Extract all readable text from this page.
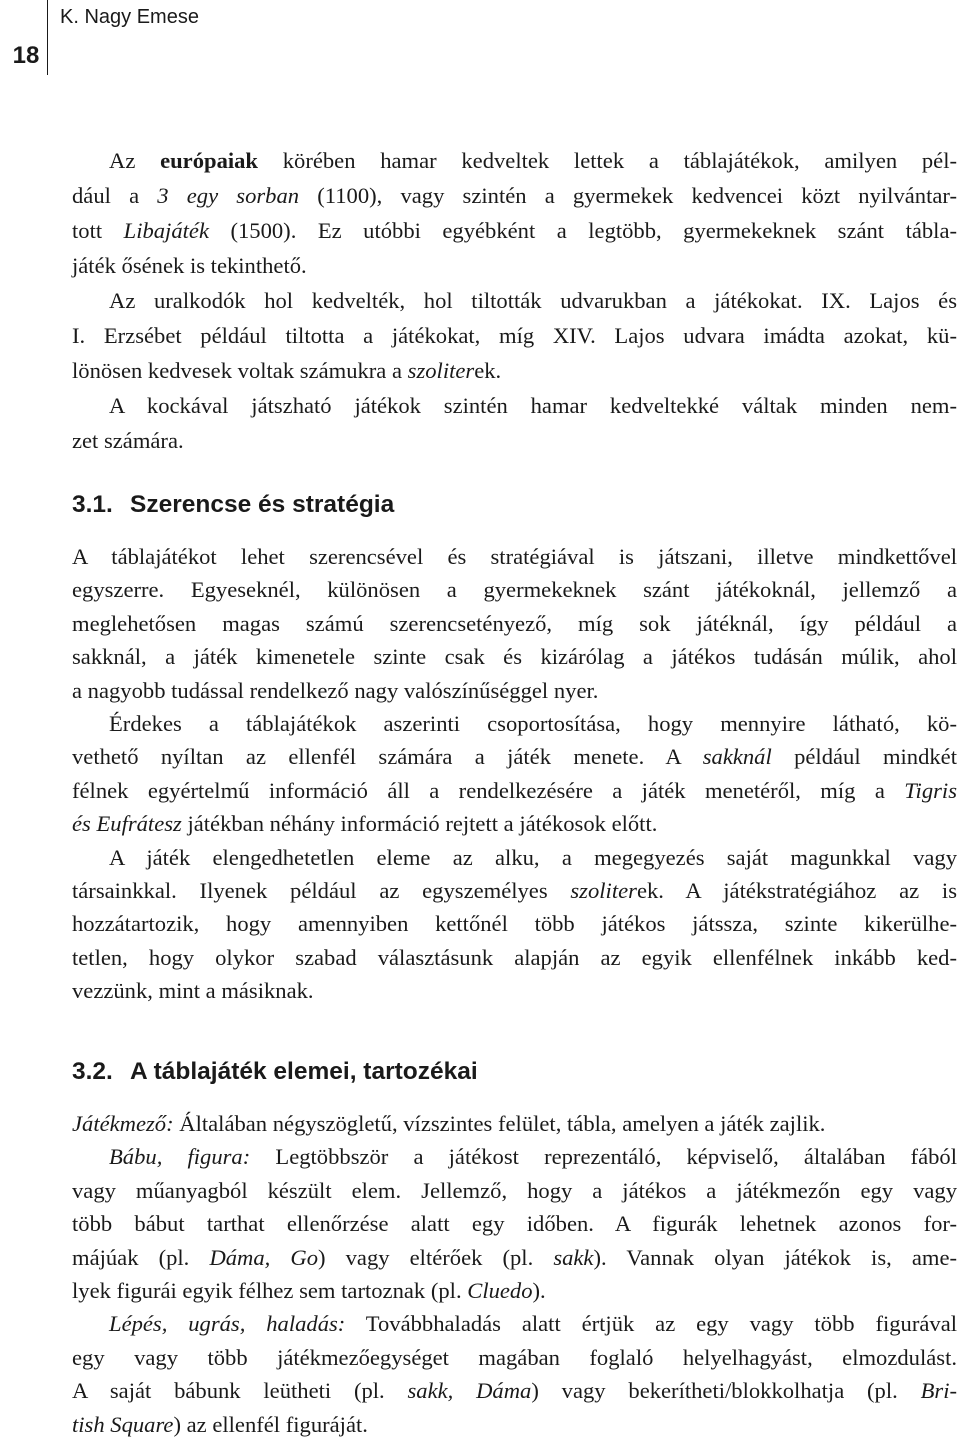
18
K. Nagy Emese
Az európaiak körében hamar kedveltek lettek a táblajátékok, amilyen pél-
dául a 3 egy sorban (1100), vagy szintén a gyermekek kedvencei közt nyilvántar-
tott Libajáték (1500). Ez utóbbi egyébként a legtöbb, gyermekeknek szánt tábla-
játék ősének is tekinthető.
Az uralkodók hol kedvelték, hol tiltották udvarukban a játékokat. IX. Lajos és
I. Erzsébet például tiltotta a játékokat, míg XIV. Lajos udvara imádta azokat, kü-
lönösen kedvesek voltak számukra a szoliterek.
A kockával játszható játékok szintén hamar kedveltekké váltak minden nem-
zet számára.
3.1. Szerencse és stratégia
A táblajátékot lehet szerencsével és stratégiával is játszani, illetve mindkettővel
egyszerre. Egyeseknél, különösen a gyermekeknek szánt játékoknál, jellemző a
meglehetősen magas számú szerencsetényező, míg sok játéknál, így például a
sakknál, a játék kimenetele szinte csak és kizárólag a játékos tudásán múlik, ahol
a nagyobb tudással rendelkező nagy valószínűséggel nyer.
Érdekes a táblajátékok aszerinti csoportosítása, hogy mennyire látható, kö-
vethető nyíltan az ellenfél számára a játék menete. A sakknál például mindkét
félnek egyértelmű információ áll a rendelkezésére a játék menetéről, míg a Tigris
és Eufrátesz játékban néhány információ rejtett a játékosok előtt.
A játék elengedhetetlen eleme az alku, a megegyezés saját magunkkal vagy
társainkkal. Ilyenek például az egyszemélyes szoliterek. A játékstratégiához az is
hozzátartozik, hogy amennyiben kettőnél több játékos játssza, szinte kikerülhe-
tetlen, hogy olykor szabad választásunk alapján az egyik ellenfélnek inkább ked-
vezzünk, mint a másiknak.
3.2. A táblajáték elemei, tartozékai
Játékmező: Általában négyszögletű, vízszintes felület, tábla, amelyen a játék zajlik.
Bábu, figura: Legtöbbször a játékost reprezentáló, képviselő, általában fából
vagy műanyagból készült elem. Jellemző, hogy a játékos a játékmezőn egy vagy
több bábut tarthat ellenőrzése alatt egy időben. A figurák lehetnek azonos for-
májúak (pl. Dáma, Go) vagy eltérőek (pl. sakk). Vannak olyan játékok is, ame-
lyek figurái egyik félhez sem tartoznak (pl. Cluedo).
Lépés, ugrás, haladás: Továbbhaladás alatt értjük az egy vagy több figurával
egy vagy több játékmezőegységet magában foglaló helyelhagyást, elmozdulást.
A saját bábunk leütheti (pl. sakk, Dáma) vagy bekerítheti/blokkolhatja (pl. Bri-
tish Square) az ellenfél figuráját.
